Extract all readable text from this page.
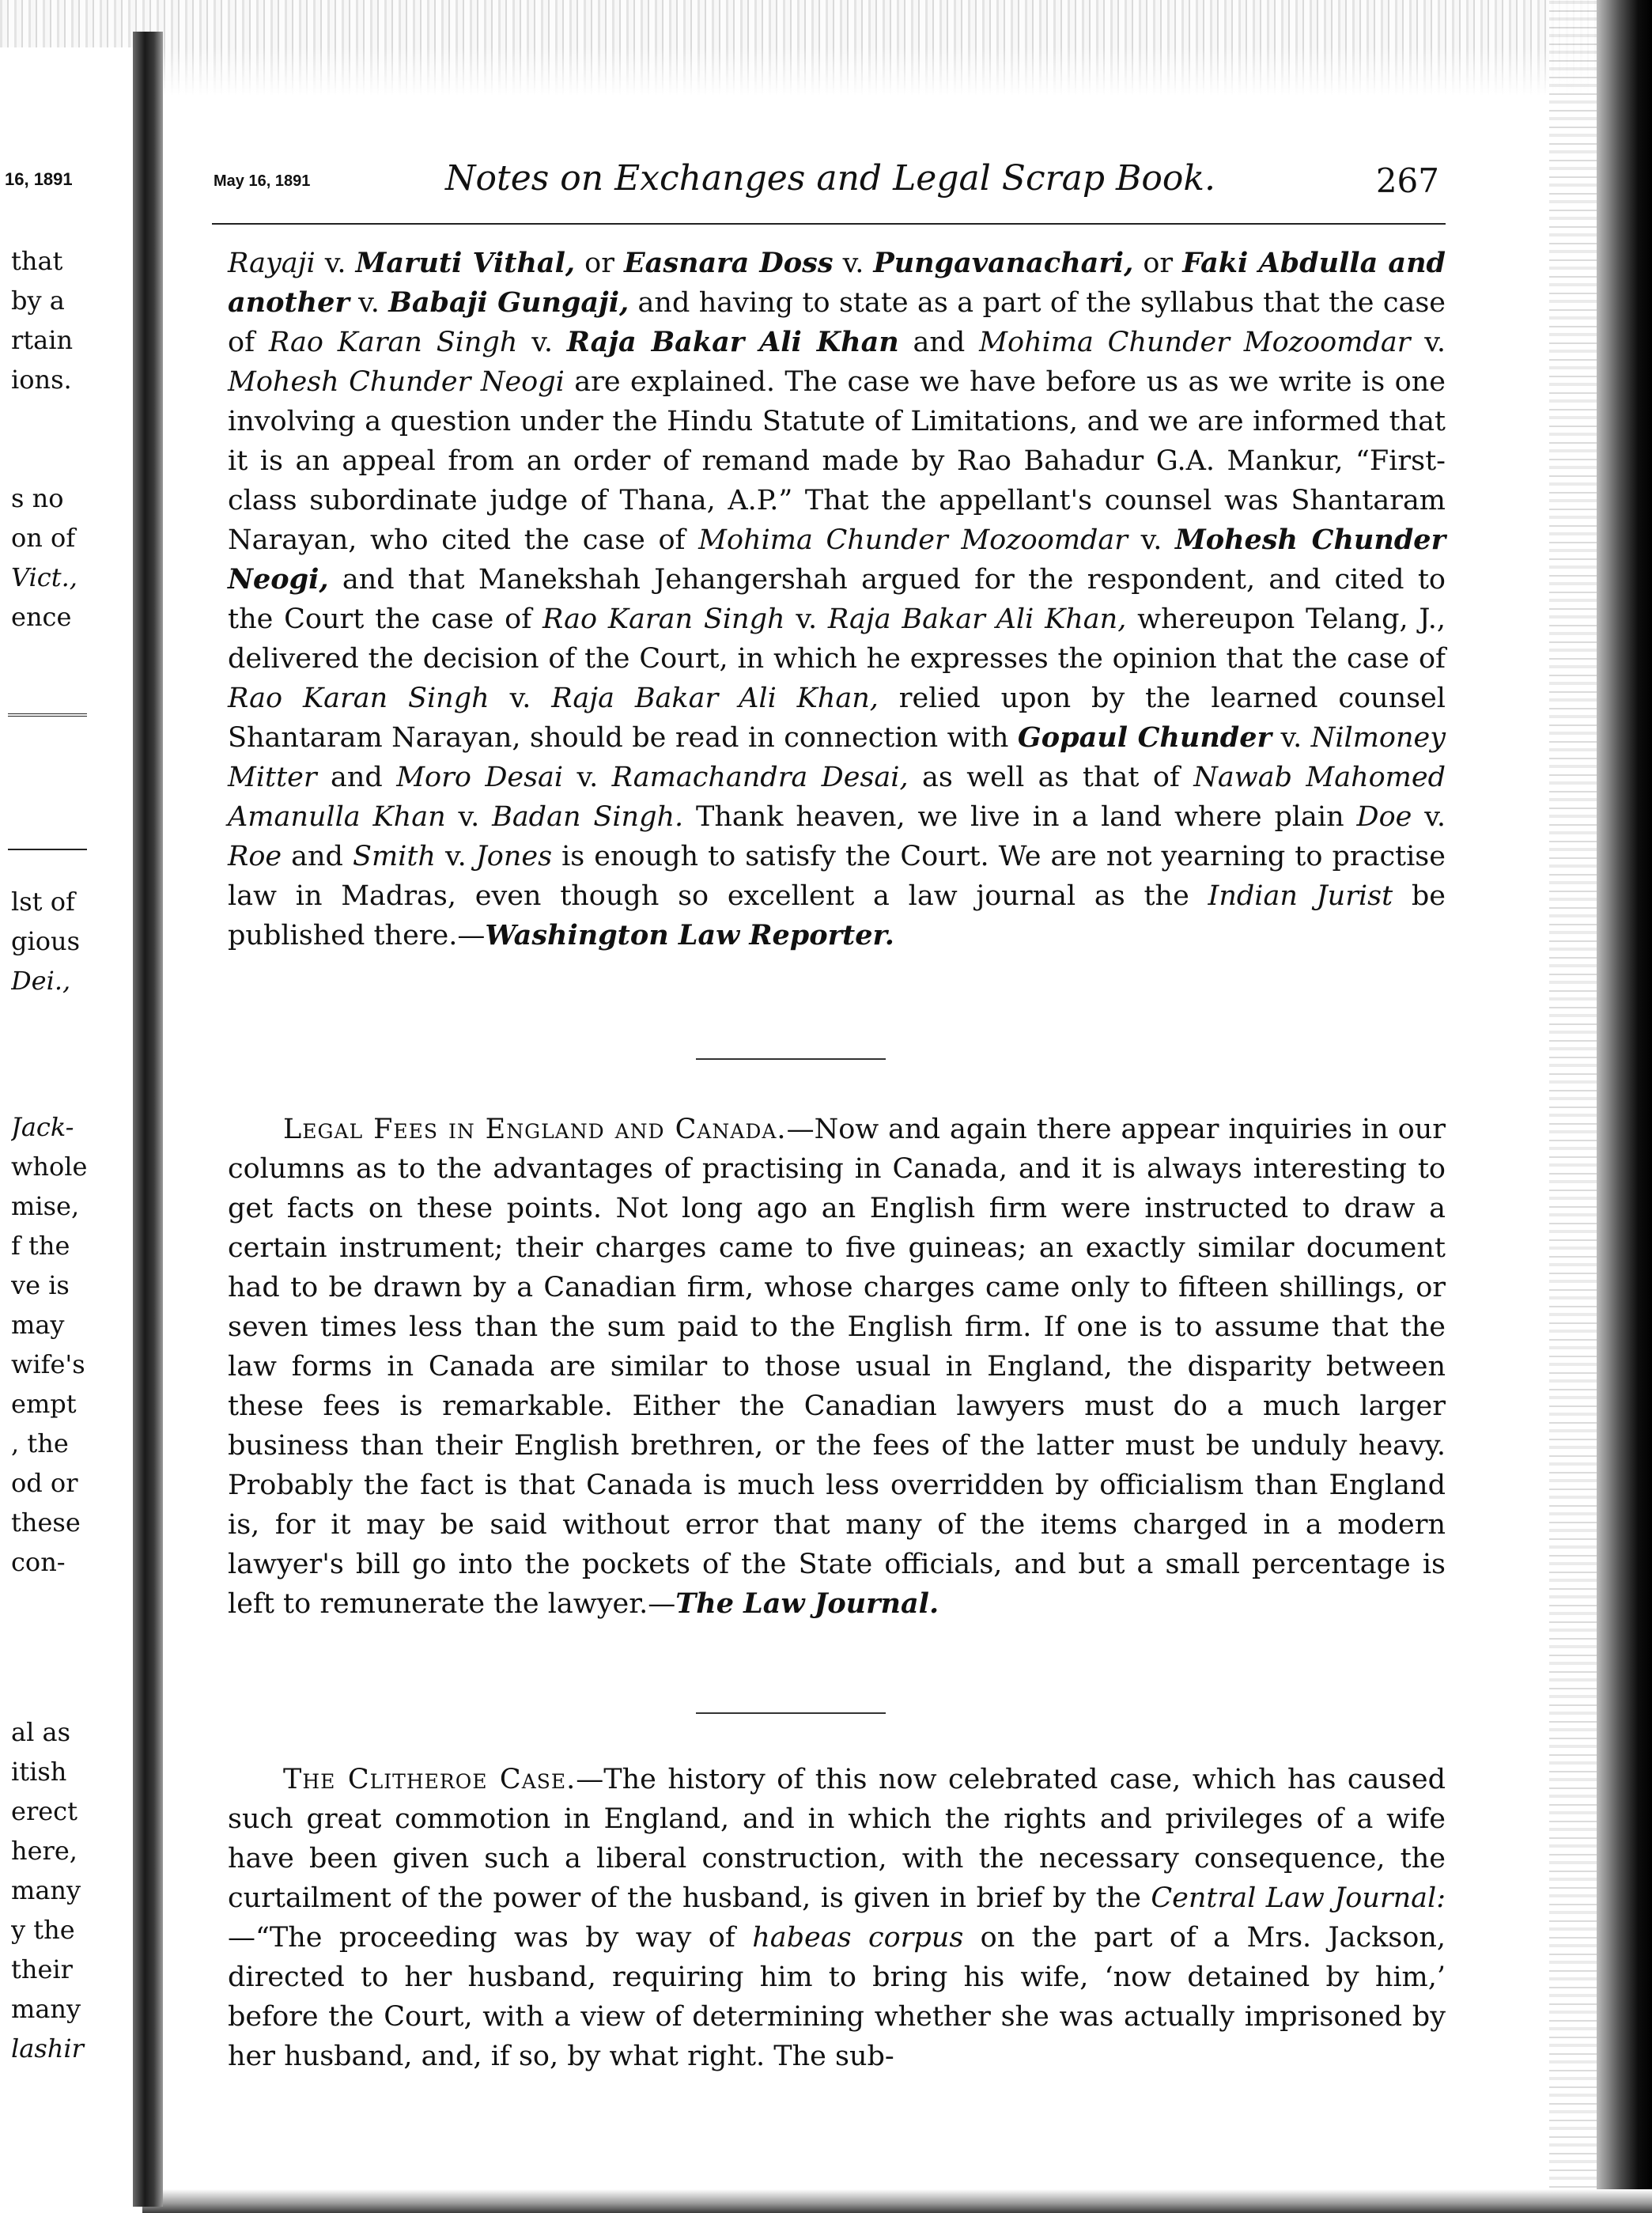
16, 1891
that
by a
rtain
ions.
s no
on of
Vict.,
ence
lst of
gious
Dei.,
Jack-
whole
mise,
f the
ve is
may
wife's
empt
, the
od or
these
con-
al as
itish
erect
here,
many
y the
their
many
lashir
May 16, 1891	Notes on Exchanges and Legal Scrap Book.	267
Rayaji v. Maruti Vithal, or Easnara Doss v. Pungavanachari, or Faki Abdulla and another v. Babaji Gungaji, and having to state as a part of the syllabus that the case of Rao Karan Singh v. Raja Bakar Ali Khan and Mohima Chunder Mozoomdar v. Mohesh Chunder Neogi are explained. The case we have before us as we write is one involving a question under the Hindu Statute of Limitations, and we are informed that it is an appeal from an order of remand made by Rao Bahadur G.A. Mankur, “First-class subordinate judge of Thana, A.P.” That the appellant's counsel was Shantaram Narayan, who cited the case of Mohima Chunder Mozoomdar v. Mohesh Chunder Neogi, and that Manekshah Jehangershah argued for the respondent, and cited to the Court the case of Rao Karan Singh v. Raja Bakar Ali Khan, whereupon Telang, J., delivered the decision of the Court, in which he expresses the opinion that the case of Rao Karan Singh v. Raja Bakar Ali Khan, relied upon by the learned counsel Shantaram Narayan, should be read in connection with Gopaul Chunder v. Nilmoney Mitter and Moro Desai v. Ramachandra Desai, as well as that of Nawab Mahomed Amanulla Khan v. Badan Singh. Thank heaven, we live in a land where plain Doe v. Roe and Smith v. Jones is enough to satisfy the Court. We are not yearning to practise law in Madras, even though so excellent a law journal as the Indian Jurist be published there.—Washington Law Reporter.
Legal Fees in England and Canada.—Now and again there appear inquiries in our columns as to the advantages of practising in Canada, and it is always interesting to get facts on these points. Not long ago an English firm were instructed to draw a certain instrument; their charges came to five guineas; an exactly similar document had to be drawn by a Canadian firm, whose charges came only to fifteen shillings, or seven times less than the sum paid to the English firm. If one is to assume that the law forms in Canada are similar to those usual in England, the disparity between these fees is remarkable. Either the Canadian lawyers must do a much larger business than their English brethren, or the fees of the latter must be unduly heavy. Probably the fact is that Canada is much less overridden by officialism than England is, for it may be said without error that many of the items charged in a modern lawyer's bill go into the pockets of the State officials, and but a small percentage is left to remunerate the lawyer.—The Law Journal.
The Clitheroe Case.—The history of this now celebrated case, which has caused such great commotion in England, and in which the rights and privileges of a wife have been given such a liberal construction, with the necessary consequence, the curtailment of the power of the husband, is given in brief by the Central Law Journal:—“The proceeding was by way of habeas corpus on the part of a Mrs. Jackson, directed to her husband, requiring him to bring his wife, ‘now detained by him,’ before the Court, with a view of determining whether she was actually imprisoned by her husband, and, if so, by what right. The sub-
